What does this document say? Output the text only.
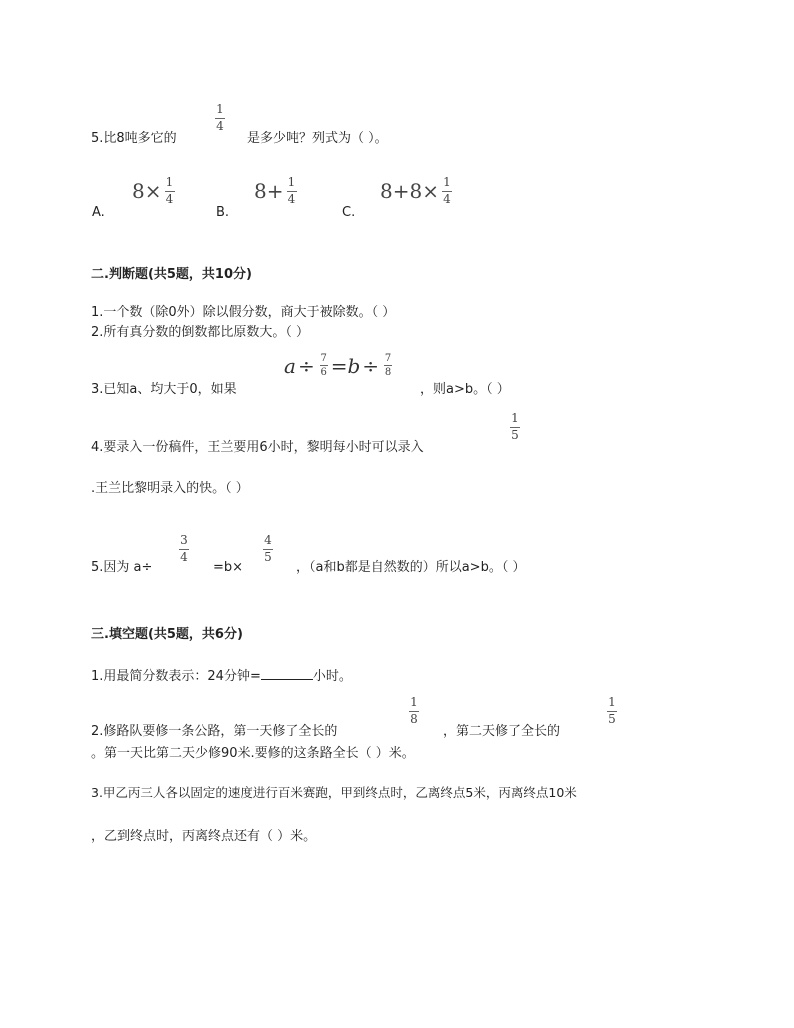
5.比8吨多它的
1
4
是多少吨？列式为（ ）。
A.
$8 \times \frac{1}{4}$
B.
$8 + \frac{1}{4}$
C.
$8 +8\times \frac{1}{4}$
二.判断题(共5题，共10分)
1.一个数（除0外）除以假分数，商大于被除数。（ ）
2.所有真分数的倒数都比原数大。（ ）
3.已知a、均大于0，如果
$a \div \frac{7}{6} = b \div \frac{7}{8}$
，则a>b。（ ）
4.要录入一份稿件，王兰要用6小时，黎明每小时可以录入
1
5
.王兰比黎明录入的快。（ ）
5.因为 a÷
3
4
=b×
4
5
，（a和b都是自然数的）所以a>b。（ ）
三.填空题(共5题，共6分)
1.用最简分数表示：24分钟=	小时。
2.修路队要修一条公路，第一天修了全长的
1
8
，第二天修了全长的
1
5
。第一天比第二天少修90米.要修的这条路全长（ ）米。
3.甲乙丙三人各以固定的速度进行百米赛跑，甲到终点时，乙离终点5米，丙离终点10米
，乙到终点时，丙离终点还有（ ）米。
